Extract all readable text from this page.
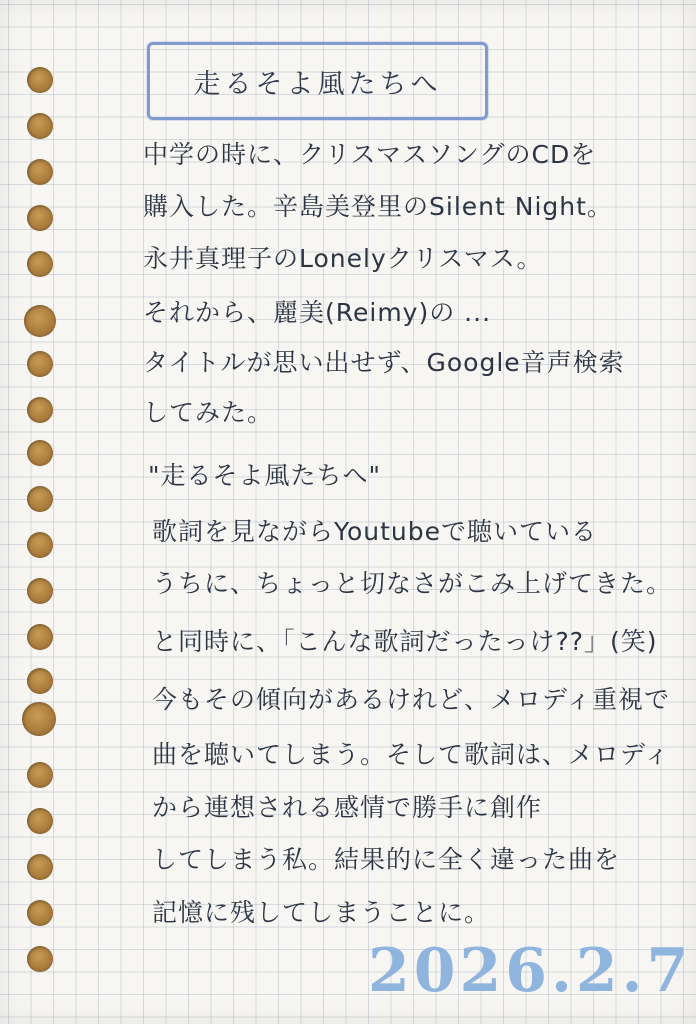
走るそよ風たちへ
中学の時に、クリスマスソングのCDを
購入した。辛島美登里のSilent Night。
永井真理子のLonelyクリスマス。
それから、麗美(Reimy)の ...
タイトルが思い出せず、Google音声検索
してみた。
"走るそよ風たちへ"
歌詞を見ながらYoutubeで聴いている
うちに、ちょっと切なさがこみ上げてきた。
と同時に、「こんな歌詞だったっけ??」(笑)
今もその傾向があるけれど、メロディ重視で
曲を聴いてしまう。そして歌詞は、メロディ
から連想される感情で勝手に創作
してしまう私。結果的に全く違った曲を
記憶に残してしまうことに。
2026.2.7
